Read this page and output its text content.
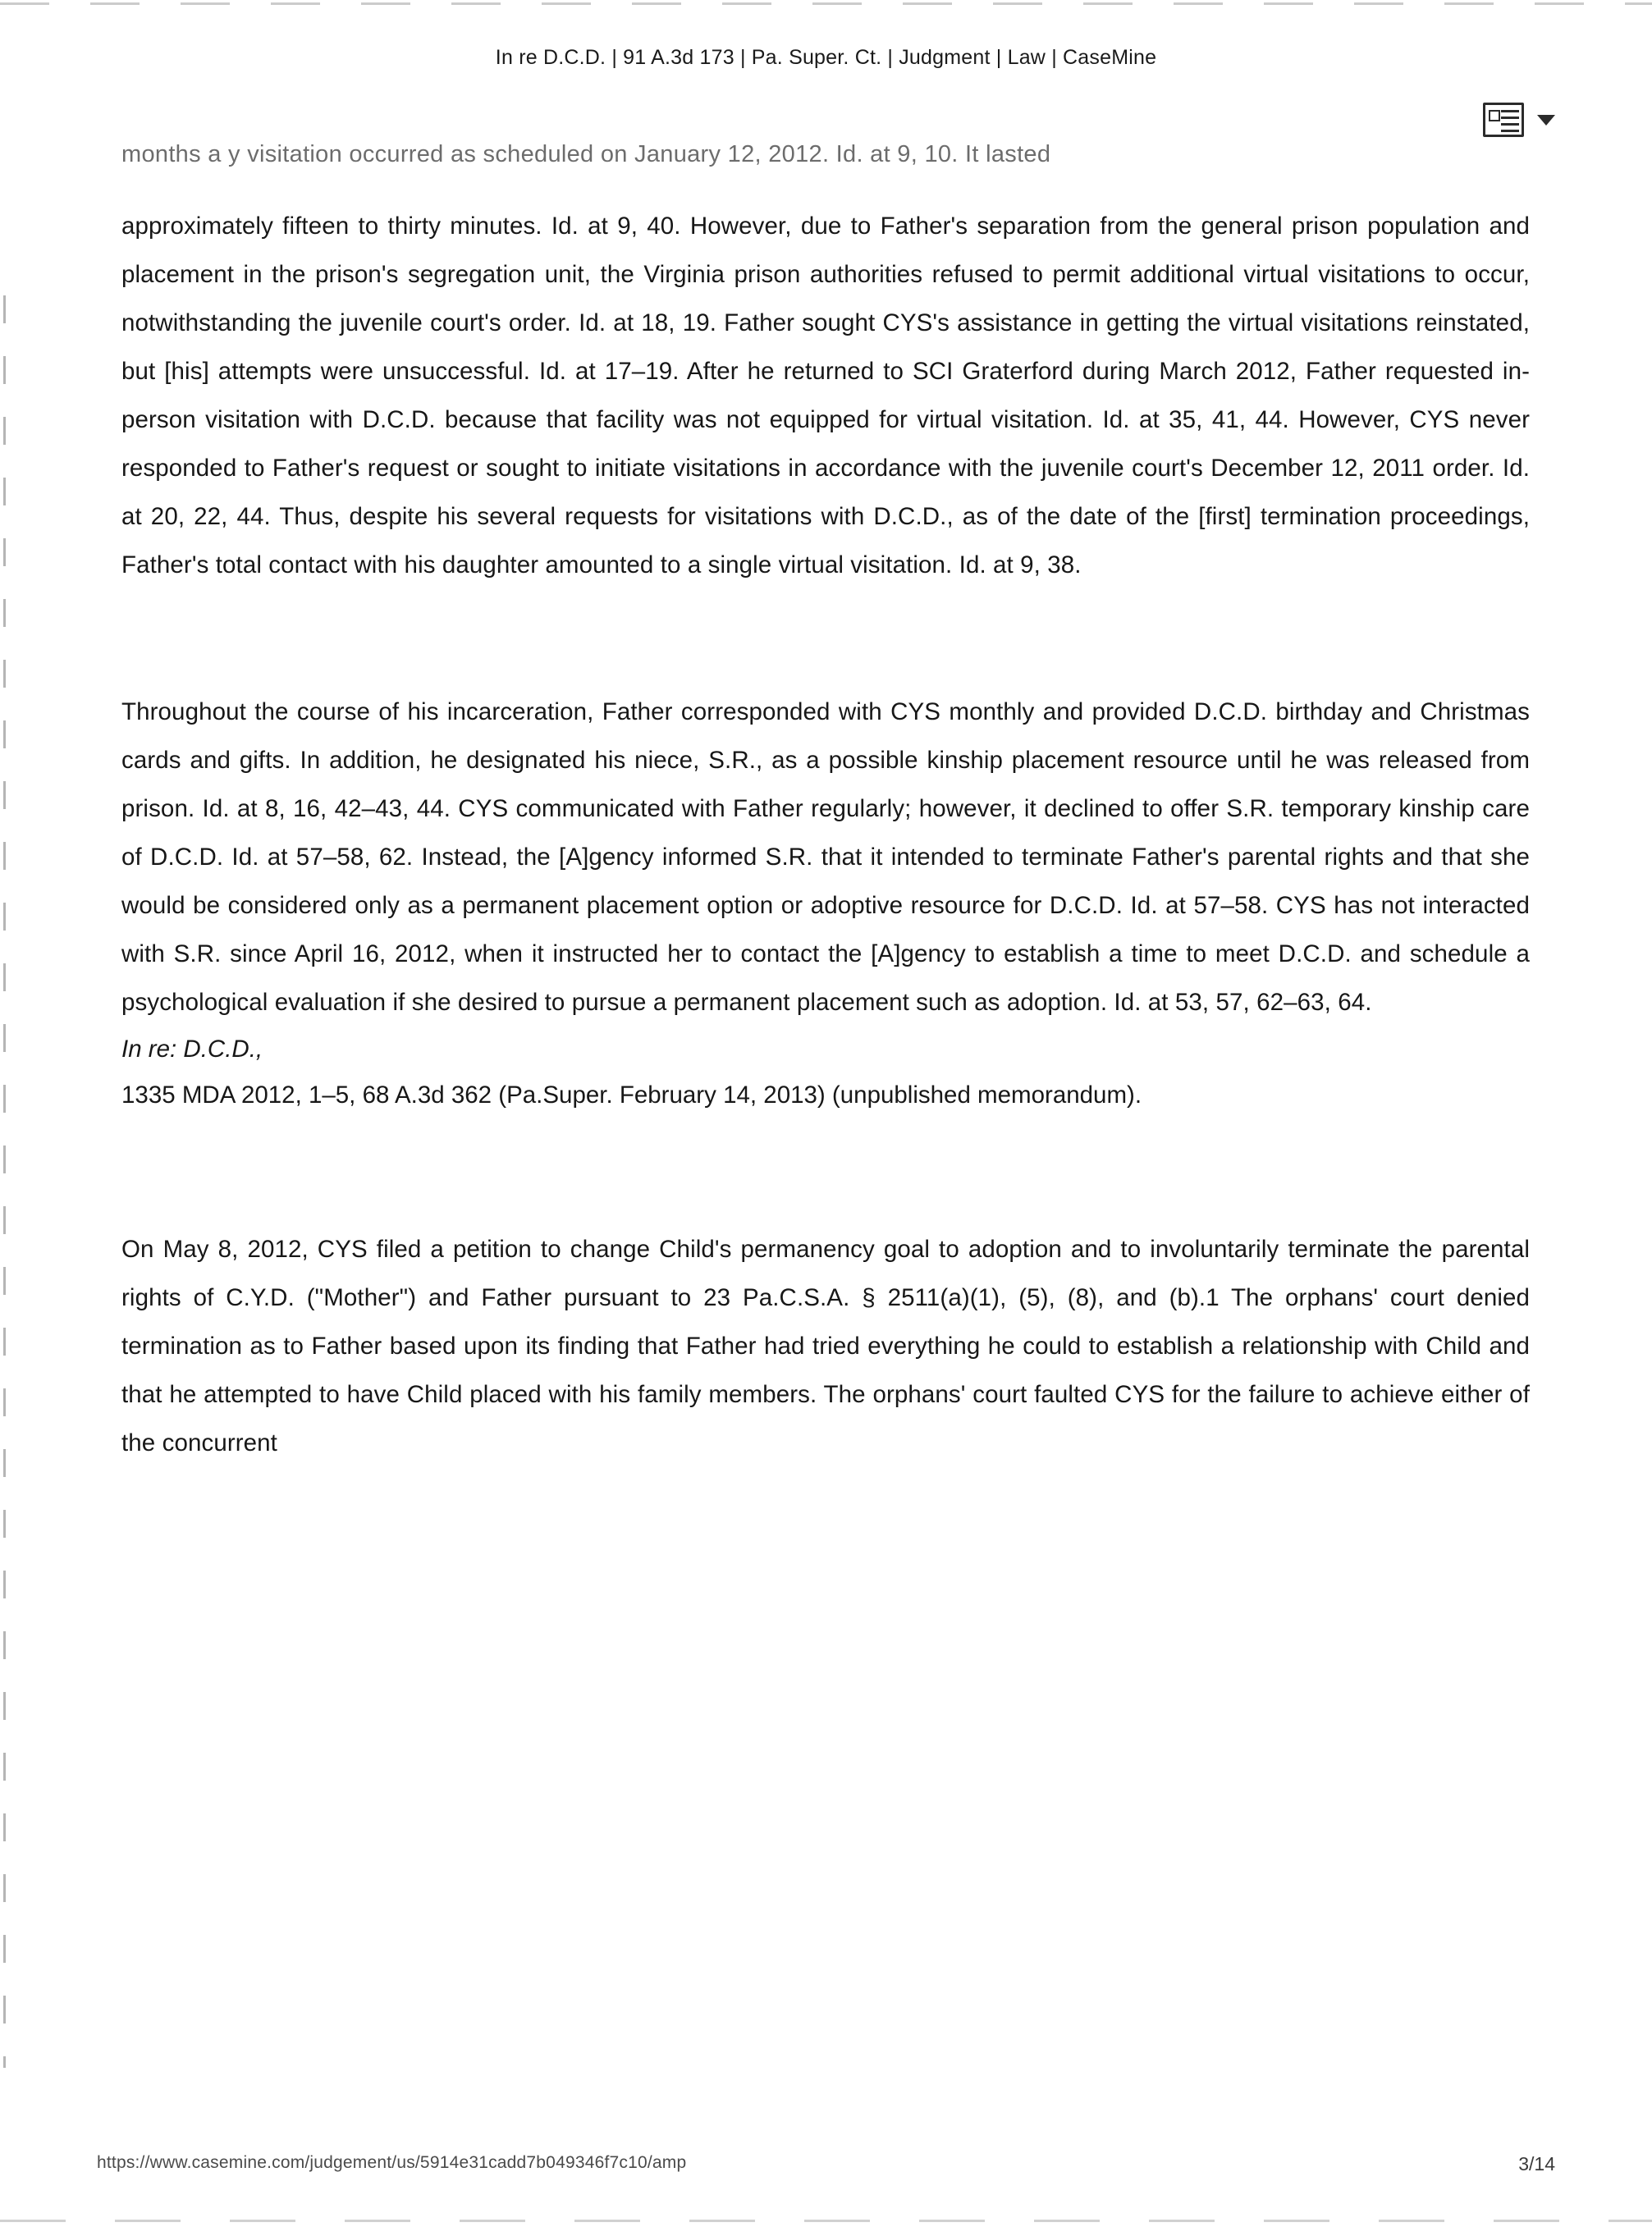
In re D.C.D. | 91 A.3d 173 | Pa. Super. Ct. | Judgment | Law | CaseMine
months a y visitation occurred as scheduled on January 12, 2012. Id. at 9, 10. It lasted

approximately fifteen to thirty minutes. Id. at 9, 40. However, due to Father's separation from the general prison population and placement in the prison's segregation unit, the Virginia prison authorities refused to permit additional virtual visitations to occur, notwithstanding the juvenile court's order. Id. at 18, 19. Father sought CYS's assistance in getting the virtual visitations reinstated, but [his] attempts were unsuccessful. Id. at 17–19. After he returned to SCI Graterford during March 2012, Father requested in-person visitation with D.C.D. because that facility was not equipped for virtual visitation. Id. at 35, 41, 44. However, CYS never responded to Father's request or sought to initiate visitations in accordance with the juvenile court's December 12, 2011 order. Id. at 20, 22, 44. Thus, despite his several requests for visitations with D.C.D., as of the date of the [first] termination proceedings, Father's total contact with his daughter amounted to a single virtual visitation. Id. at 9, 38.

Throughout the course of his incarceration, Father corresponded with CYS monthly and provided D.C.D. birthday and Christmas cards and gifts. In addition, he designated his niece, S.R., as a possible kinship placement resource until he was released from prison. Id. at 8, 16, 42–43, 44. CYS communicated with Father regularly; however, it declined to offer S.R. temporary kinship care of D.C.D. Id. at 57–58, 62. Instead, the [A]gency informed S.R. that it intended to terminate Father's parental rights and that she would be considered only as a permanent placement option or adoptive resource for D.C.D. Id. at 57–58. CYS has not interacted with S.R. since April 16, 2012, when it instructed her to contact the [A]gency to establish a time to meet D.C.D. and schedule a psychological evaluation if she desired to pursue a permanent placement such as adoption. Id. at 53, 57, 62–63, 64.

In re: D.C.D.,

1335 MDA 2012, 1–5, 68 A.3d 362 (Pa.Super. February 14, 2013) (unpublished memorandum).

On May 8, 2012, CYS filed a petition to change Child's permanency goal to adoption and to involuntarily terminate the parental rights of C.Y.D. ("Mother") and Father pursuant to 23 Pa.C.S.A. § 2511(a)(1), (5), (8), and (b).1 The orphans' court denied termination as to Father based upon its finding that Father had tried everything he could to establish a relationship with Child and that he attempted to have Child placed with his family members. The orphans' court faulted CYS for the failure to achieve either of the concurrent

https://www.casemine.com/judgement/us/5914e31cadd7b049346f7c10/amp	3/14
